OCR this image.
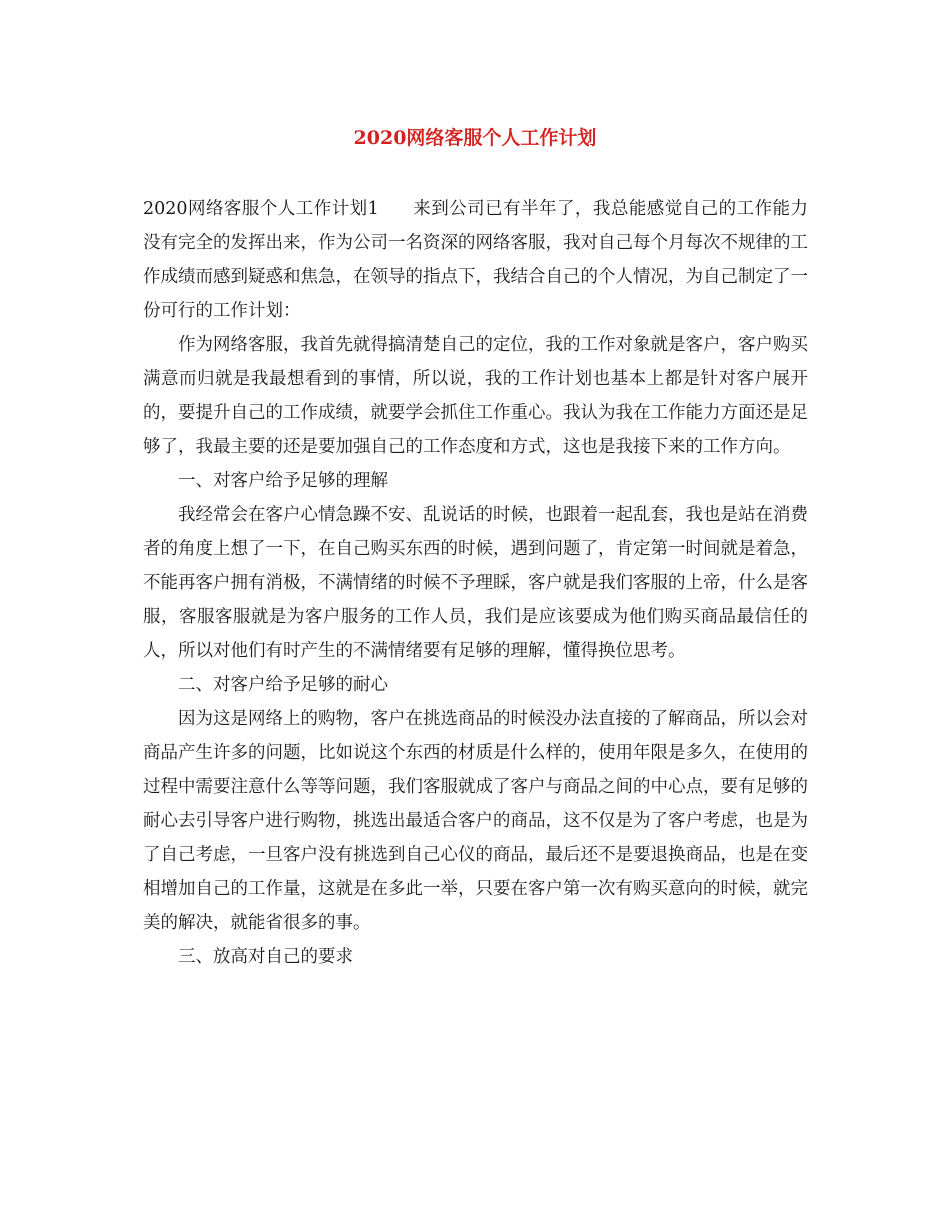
2020网络客服个人工作计划

2020网络客服个人工作计划1 来到公司已有半年了，我总能感觉自己的工作能力没有完全的发挥出来，作为公司一名资深的网络客服，我对自己每个月每次不规律的工作成绩而感到疑惑和焦急，在领导的指点下，我结合自己的个人情况，为自己制定了一份可行的工作计划：

作为网络客服，我首先就得搞清楚自己的定位，我的工作对象就是客户，客户购买满意而归就是我最想看到的事情，所以说，我的工作计划也基本上都是针对客户展开的，要提升自己的工作成绩，就要学会抓住工作重心。我认为我在工作能力方面还是足够了，我最主要的还是要加强自己的工作态度和方式，这也是我接下来的工作方向。

一、对客户给予足够的理解

我经常会在客户心情急躁不安、乱说话的时候，也跟着一起乱套，我也是站在消费者的角度上想了一下，在自己购买东西的时候，遇到问题了，肯定第一时间就是着急，不能再客户拥有消极，不满情绪的时候不予理睬，客户就是我们客服的上帝，什么是客服，客服客服就是为客户服务的工作人员，我们是应该要成为他们购买商品最信任的人，所以对他们有时产生的不满情绪要有足够的理解，懂得换位思考。

二、对客户给予足够的耐心

因为这是网络上的购物，客户在挑选商品的时候没办法直接的了解商品，所以会对商品产生许多的问题，比如说这个东西的材质是什么样的，使用年限是多久，在使用的过程中需要注意什么等等问题，我们客服就成了客户与商品之间的中心点，要有足够的耐心去引导客户进行购物，挑选出最适合客户的商品，这不仅是为了客户考虑，也是为了自己考虑，一旦客户没有挑选到自己心仪的商品，最后还不是要退换商品，也是在变相增加自己的工作量，这就是在多此一举，只要在客户第一次有购买意向的时候，就完美的解决，就能省很多的事。

三、放高对自己的要求
